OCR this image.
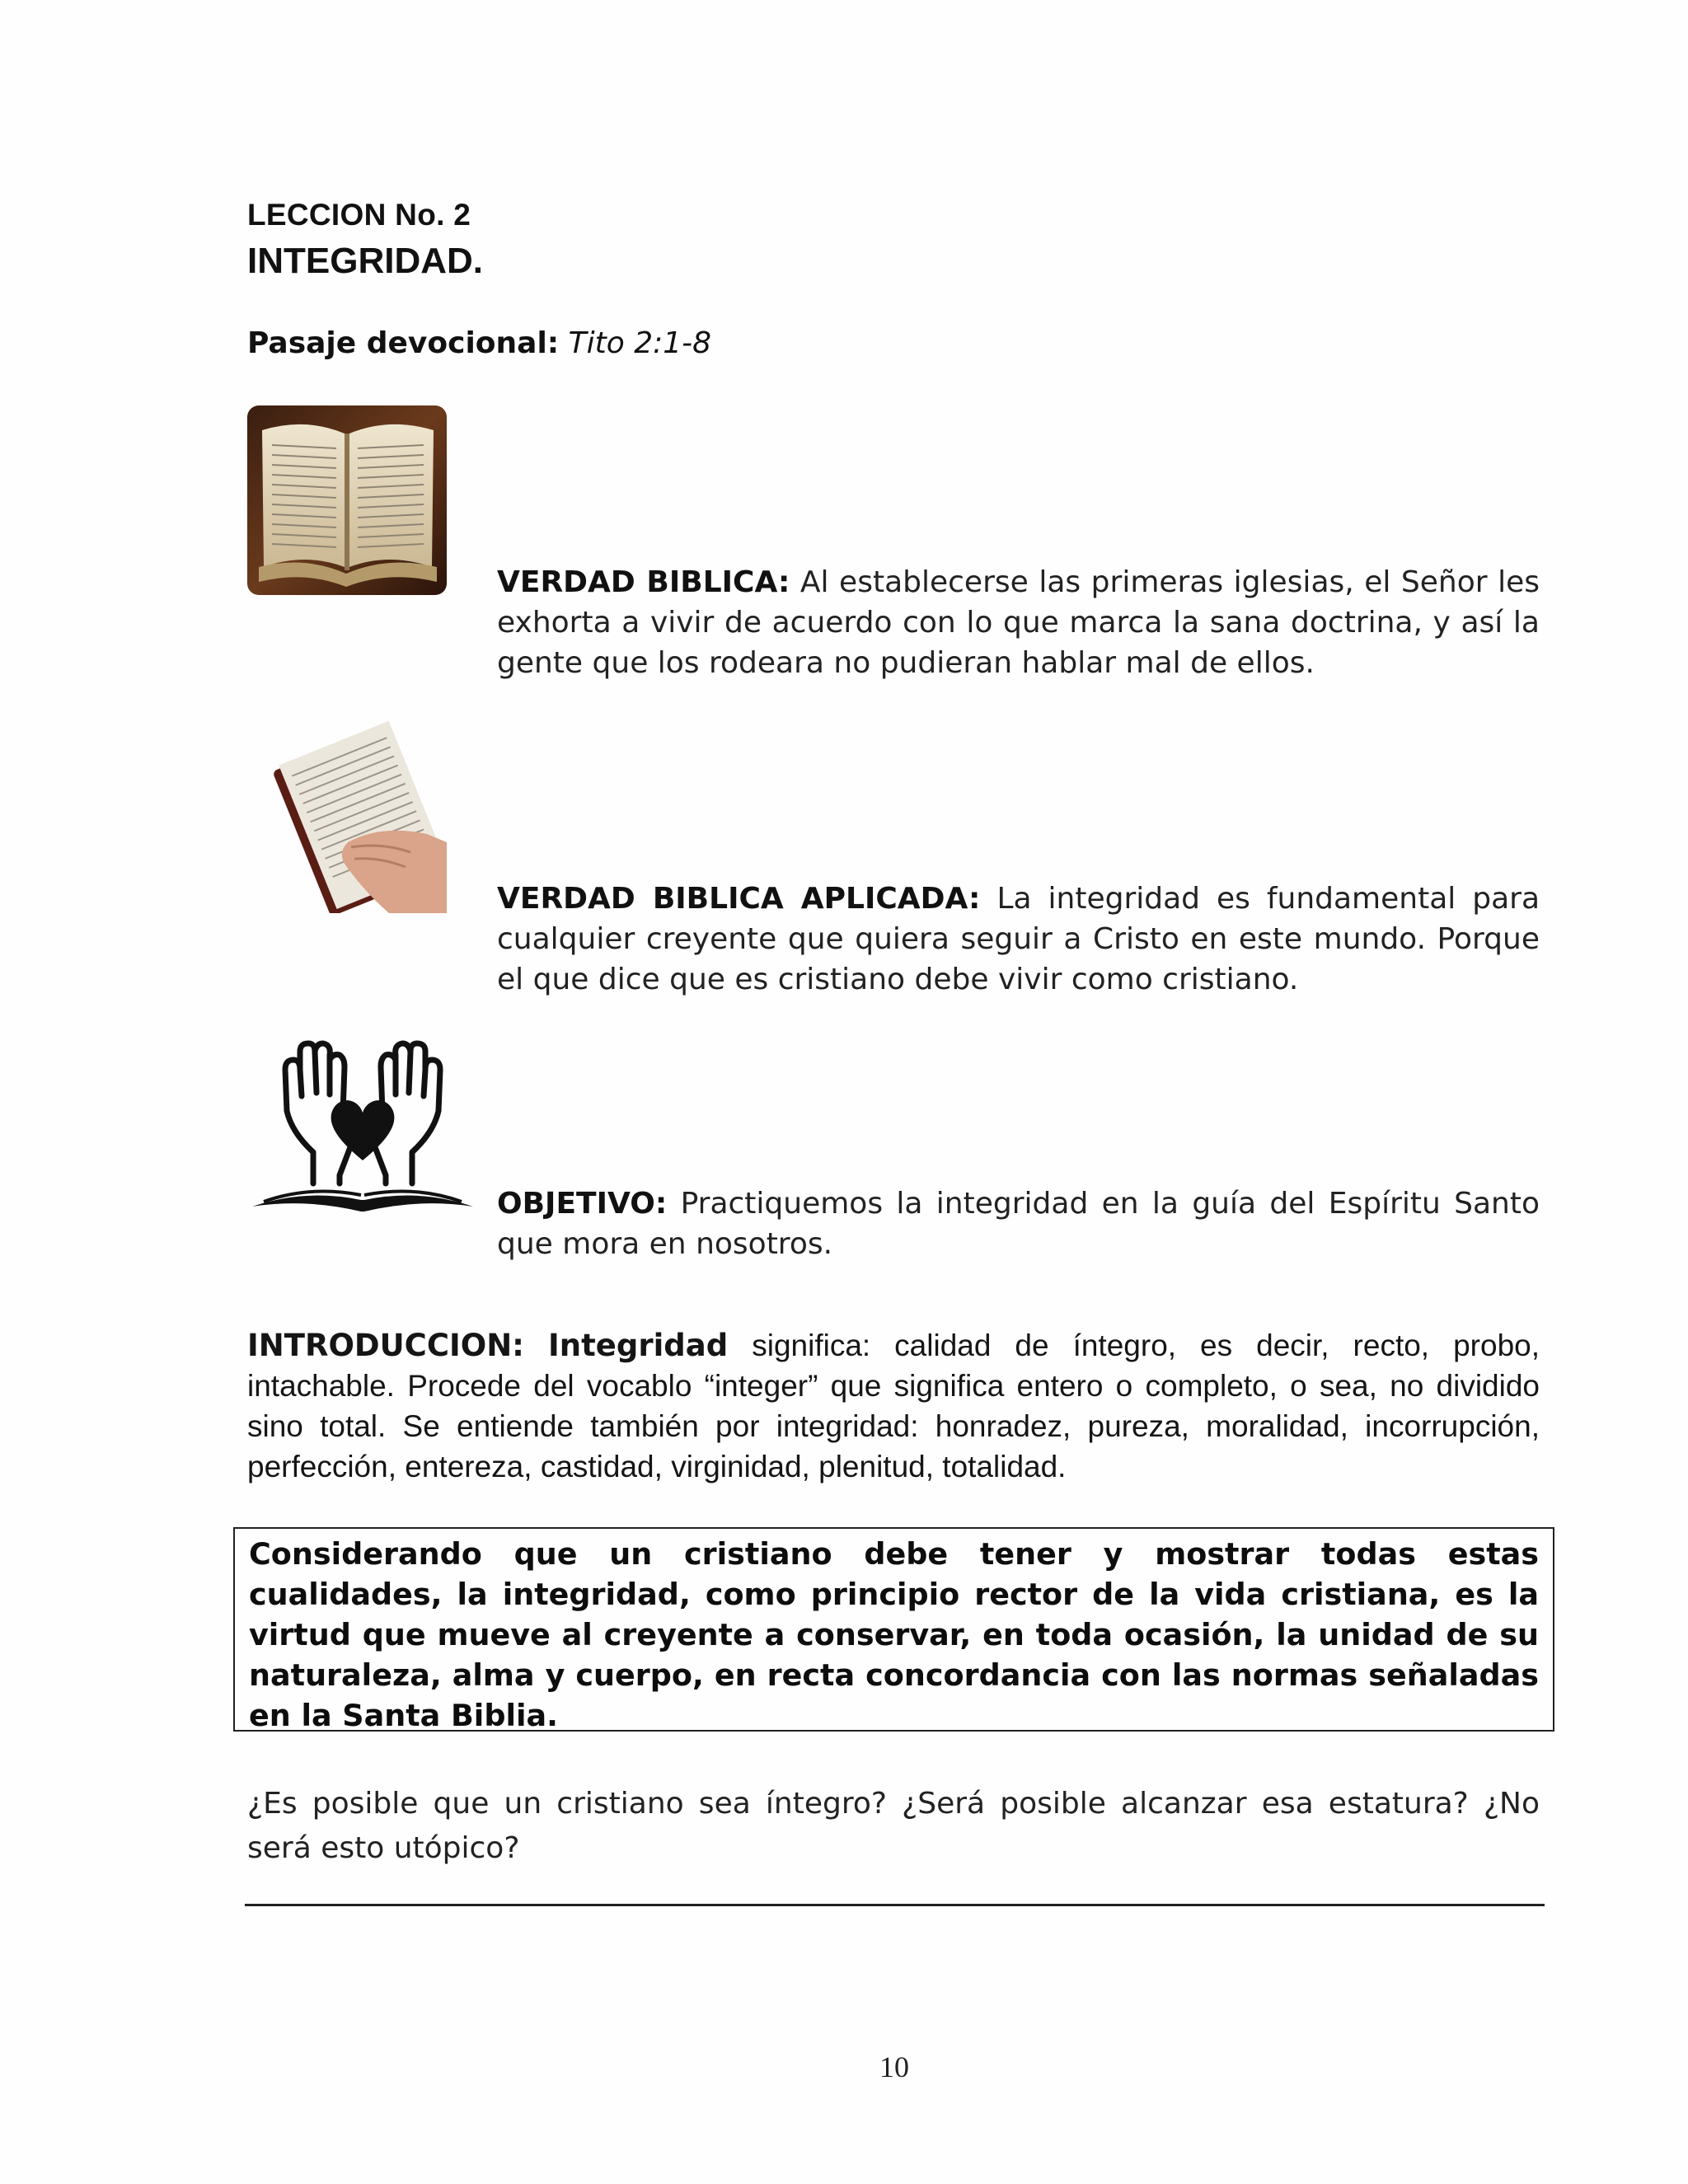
LECCION No. 2
INTEGRIDAD.
Pasaje devocional: Tito 2:1-8
VERDAD BIBLICA: Al establecerse las primeras iglesias, el Señor les exhorta a vivir de acuerdo con lo que marca la sana doctrina, y así la gente que los rodeara no pudieran hablar mal de ellos.
VERDAD BIBLICA APLICADA: La integridad es fundamental para cualquier creyente que quiera seguir a Cristo en este mundo. Porque el que dice que es cristiano debe vivir como cristiano.
OBJETIVO: Practiquemos la integridad en la guía del Espíritu Santo que mora en nosotros.
INTRODUCCION: Integridad significa: calidad de íntegro, es decir, recto, probo, intachable. Procede del vocablo “integer” que significa entero o completo, o sea, no dividido sino total. Se entiende también por integridad: honradez, pureza, moralidad, incorrupción, perfección, entereza, castidad, virginidad, plenitud, totalidad.
Considerando que un cristiano debe tener y mostrar todas estas cualidades, la integridad, como principio rector de la vida cristiana, es la virtud que mueve al creyente a conservar, en toda ocasión, la unidad de su naturaleza, alma y cuerpo, en recta concordancia con las normas señaladas en la Santa Biblia.
¿Es posible que un cristiano sea íntegro? ¿Será posible alcanzar esa estatura? ¿No será esto utópico?
10
